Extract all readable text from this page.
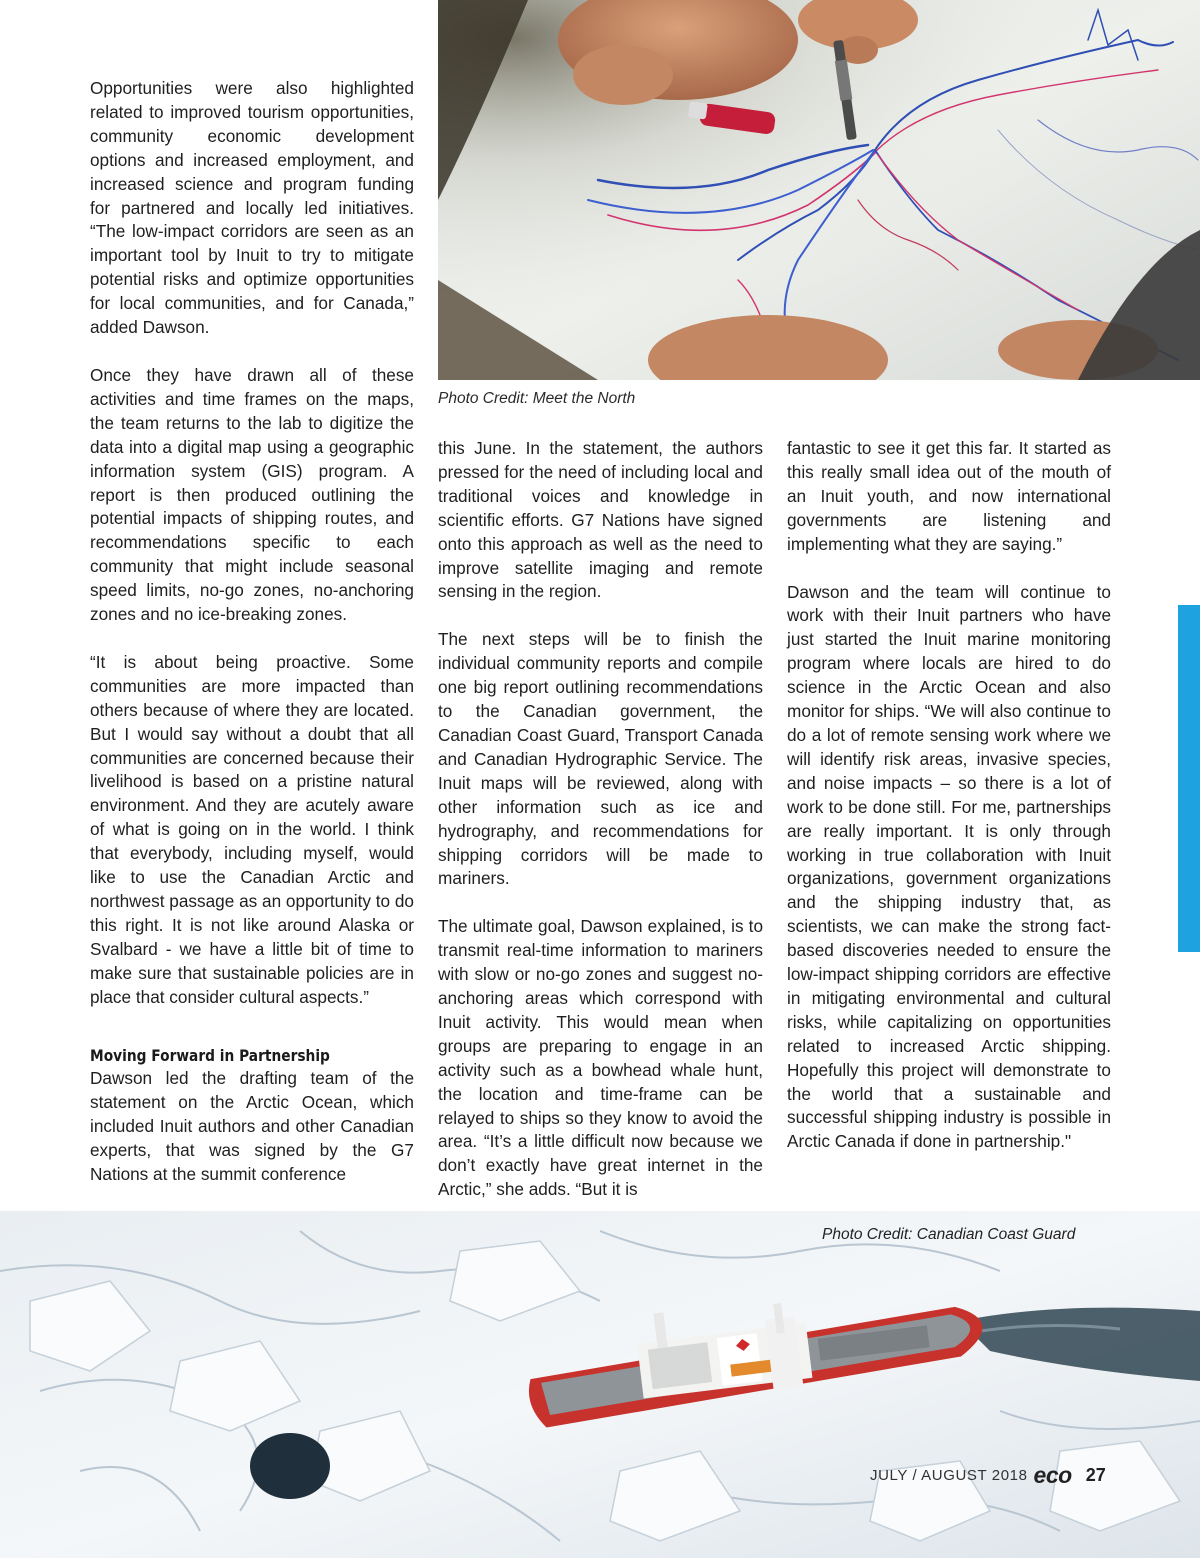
Photo Credit: Meet the North

Opportunities were also highlighted related to improved tourism opportunities, community economic development options and increased employment, and increased science and program funding for partnered and locally led initiatives. “The low-impact corridors are seen as an important tool by Inuit to try to mitigate potential risks and optimize opportunities for local communities, and for Canada,” added Dawson.

Once they have drawn all of these activities and time frames on the maps, the team returns to the lab to digitize the data into a digital map using a geographic information system (GIS) program. A report is then produced outlining the potential impacts of shipping routes, and recommendations specific to each community that might include seasonal speed limits, no-go zones, no-anchoring zones and no ice-breaking zones.

“It is about being proactive. Some communities are more impacted than others because of where they are located. But I would say without a doubt that all communities are concerned because their livelihood is based on a pristine natural environment. And they are acutely aware of what is going on in the world. I think that everybody, including myself, would like to use the Canadian Arctic and northwest passage as an opportunity to do this right. It is not like around Alaska or Svalbard - we have a little bit of time to make sure that sustainable policies are in place that consider cultural aspects.”

Moving Forward in Partnership

Dawson led the drafting team of the statement on the Arctic Ocean, which included Inuit authors and other Canadian experts, that was signed by the G7 Nations at the summit conference

this June. In the statement, the authors pressed for the need of including local and traditional voices and knowledge in scientific efforts. G7 Nations have signed onto this approach as well as the need to improve satellite imaging and remote sensing in the region.

The next steps will be to finish the individual community reports and compile one big report outlining recommendations to the Canadian government, the Canadian Coast Guard, Transport Canada and Canadian Hydrographic Service. The Inuit maps will be reviewed, along with other information such as ice and hydrography, and recommendations for shipping corridors will be made to mariners.

The ultimate goal, Dawson explained, is to transmit real-time information to mariners with slow or no-go zones and suggest no-anchoring areas which correspond with Inuit activity. This would mean when groups are preparing to engage in an activity such as a bowhead whale hunt, the location and time-frame can be relayed to ships so they know to avoid the area. “It’s a little difficult now because we don’t exactly have great internet in the Arctic,” she adds. “But it is

fantastic to see it get this far. It started as this really small idea out of the mouth of an Inuit youth, and now international governments are listening and implementing what they are saying.”

Dawson and the team will continue to work with their Inuit partners who have just started the Inuit marine monitoring program where locals are hired to do science in the Arctic Ocean and also monitor for ships. “We will also continue to do a lot of remote sensing work where we will identify risk areas, invasive species, and noise impacts – so there is a lot of work to be done still. For me, partnerships are really important. It is only through working in true collaboration with Inuit organizations, government organizations and the shipping industry that, as scientists, we can make the strong fact-based discoveries needed to ensure the low-impact shipping corridors are effective in mitigating environmental and cultural risks, while capitalizing on opportunities related to increased Arctic shipping. Hopefully this project will demonstrate to the world that a sustainable and successful shipping industry is possible in Arctic Canada if done in partnership."

Photo Credit: Canadian Coast Guard
JULY / AUGUST 2018 eco 27
